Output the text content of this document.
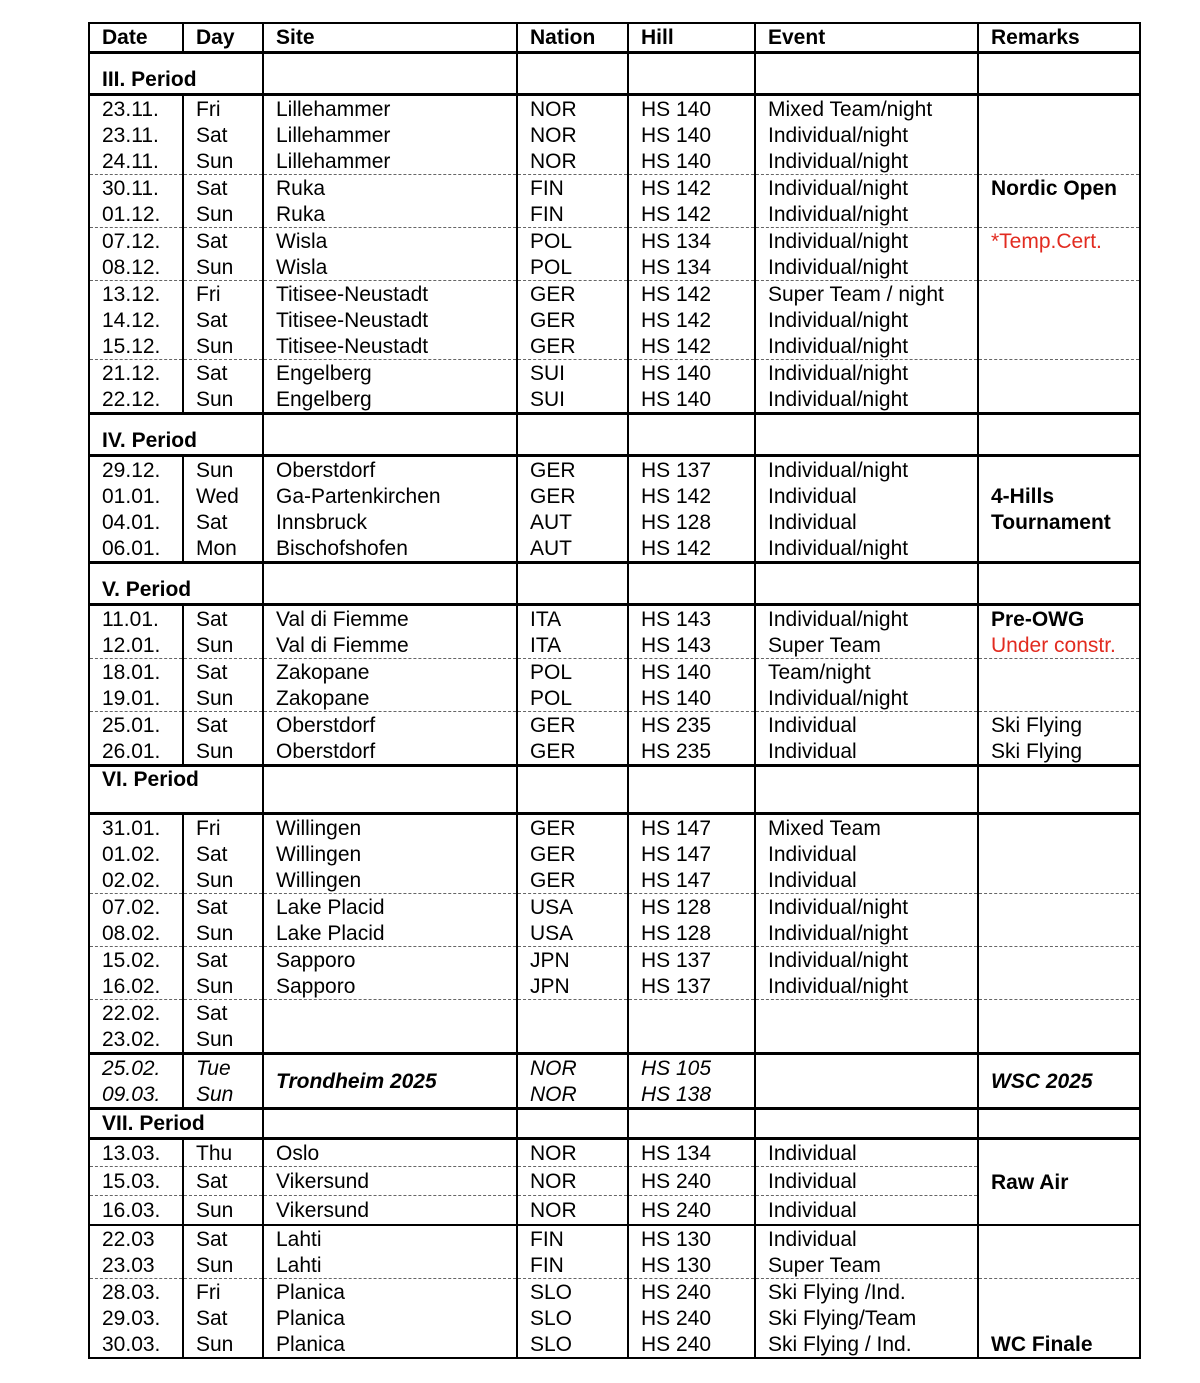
Date	Day	Site	Nation	Hill	Event	Remarks
III. Period						
23.11.	Fri	Lillehammer	NOR	HS 140	Mixed Team/night	
23.11.	Sat	Lillehammer	NOR	HS 140	Individual/night	
24.11.	Sun	Lillehammer	NOR	HS 140	Individual/night	
30.11.	Sat	Ruka	FIN	HS 142	Individual/night	Nordic Open
01.12.	Sun	Ruka	FIN	HS 142	Individual/night	
07.12.	Sat	Wisla	POL	HS 134	Individual/night	*Temp.Cert.
08.12.	Sun	Wisla	POL	HS 134	Individual/night	
13.12.	Fri	Titisee-Neustadt	GER	HS 142	Super Team / night	
14.12.	Sat	Titisee-Neustadt	GER	HS 142	Individual/night	
15.12.	Sun	Titisee-Neustadt	GER	HS 142	Individual/night	
21.12.	Sat	Engelberg	SUI	HS 140	Individual/night	
22.12.	Sun	Engelberg	SUI	HS 140	Individual/night	
IV. Period						
29.12.	Sun	Oberstdorf	GER	HS 137	Individual/night	
01.01.	Wed	Ga-Partenkirchen	GER	HS 142	Individual	4-Hills
04.01.	Sat	Innsbruck	AUT	HS 128	Individual	Tournament
06.01.	Mon	Bischofshofen	AUT	HS 142	Individual/night	
V. Period						
11.01.	Sat	Val di Fiemme	ITA	HS 143	Individual/night	Pre-OWG
12.01.	Sun	Val di Fiemme	ITA	HS 143	Super Team	Under constr.
18.01.	Sat	Zakopane	POL	HS 140	Team/night	
19.01.	Sun	Zakopane	POL	HS 140	Individual/night	
25.01.	Sat	Oberstdorf	GER	HS 235	Individual	Ski Flying
26.01.	Sun	Oberstdorf	GER	HS 235	Individual	Ski Flying
VI. Period						
31.01.	Fri	Willingen	GER	HS 147	Mixed Team	
01.02.	Sat	Willingen	GER	HS 147	Individual	
02.02.	Sun	Willingen	GER	HS 147	Individual	
07.02.	Sat	Lake Placid	USA	HS 128	Individual/night	
08.02.	Sun	Lake Placid	USA	HS 128	Individual/night	
15.02.	Sat	Sapporo	JPN	HS 137	Individual/night	
16.02.	Sun	Sapporo	JPN	HS 137	Individual/night	
22.02.	Sat					
23.02.	Sun					
25.02.	Tue	Trondheim 2025	NOR	HS 105		WSC 2025
09.03.	Sun		NOR	HS 138		
VII. Period						
13.03.	Thu	Oslo	NOR	HS 134	Individual	Raw Air
15.03.	Sat	Vikersund	NOR	HS 240	Individual	
16.03.	Sun	Vikersund	NOR	HS 240	Individual	
22.03	Sat	Lahti	FIN	HS 130	Individual	
23.03	Sun	Lahti	FIN	HS 130	Super Team	
28.03.	Fri	Planica	SLO	HS 240	Ski Flying /Ind.	
29.03.	Sat	Planica	SLO	HS 240	Ski Flying/Team	
30.03.	Sun	Planica	SLO	HS 240	Ski Flying / Ind.	WC Finale
